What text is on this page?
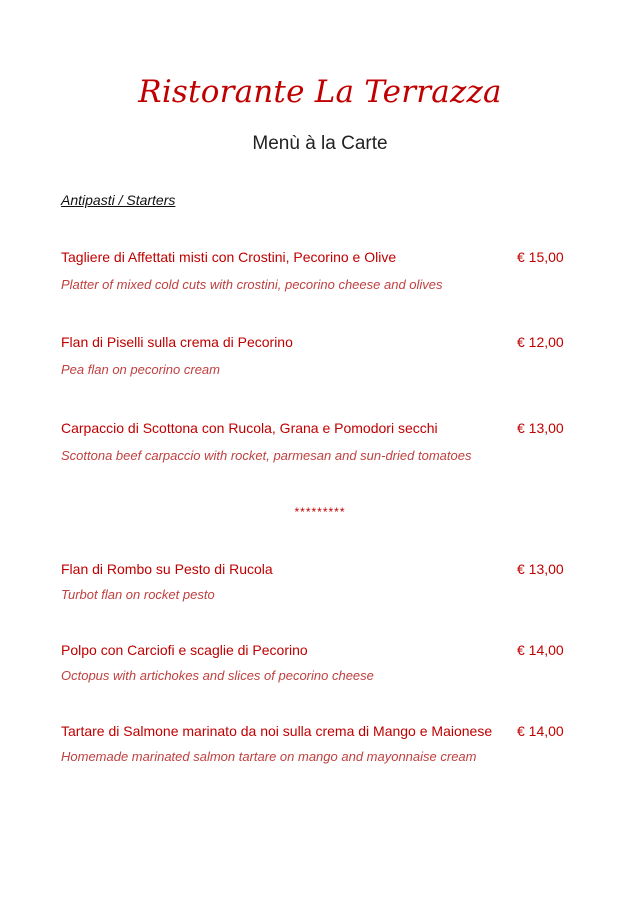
Ristorante La Terrazza
Menù à la Carte
Antipasti / Starters
Tagliere di Affettati misti con Crostini, Pecorino e Olive	€ 15,00
Platter of mixed cold cuts with crostini, pecorino cheese and olives
Flan di Piselli sulla crema di Pecorino	€ 12,00
Pea flan on pecorino cream
Carpaccio di Scottona con Rucola, Grana e Pomodori secchi	€ 13,00
Scottona beef carpaccio with rocket, parmesan and sun-dried tomatoes
*********
Flan di Rombo su Pesto di Rucola	€ 13,00
Turbot flan on rocket pesto
Polpo con Carciofi e scaglie di Pecorino	€ 14,00
Octopus with artichokes and slices of pecorino cheese
Tartare di Salmone marinato da noi sulla crema di Mango e Maionese € 14,00
Homemade marinated salmon tartare on mango and mayonnaise cream
